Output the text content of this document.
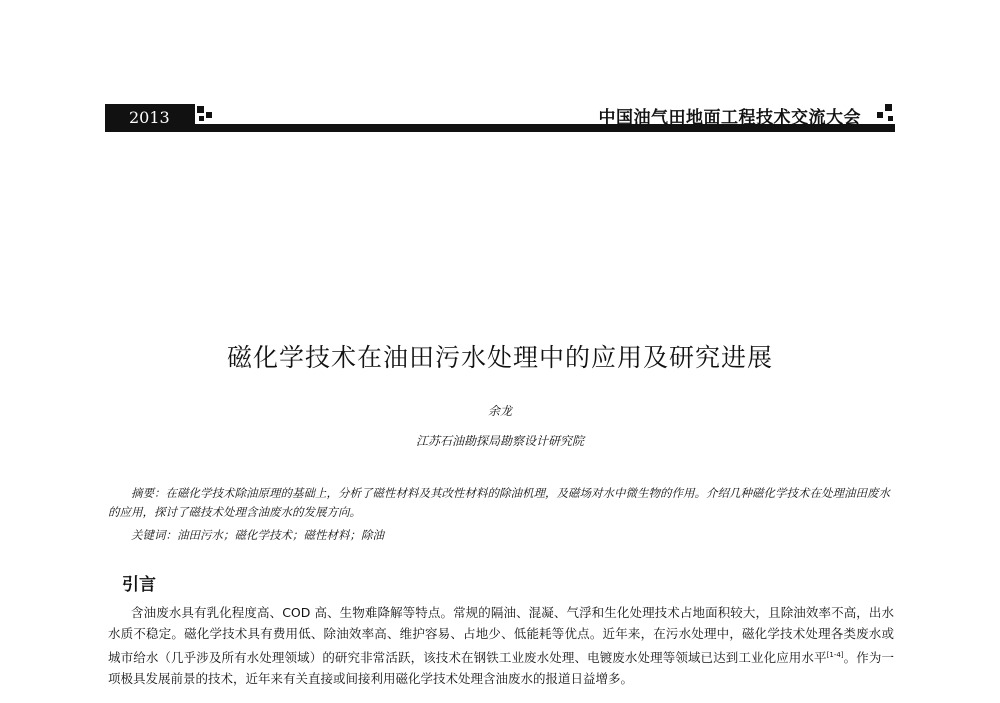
2013	中国油气田地面工程技术交流大会
磁化学技术在油田污水处理中的应用及研究进展
余龙
江苏石油勘探局勘察设计研究院

摘要：在磁化学技术除油原理的基础上，分析了磁性材料及其改性材料的除油机理，及磁场对水中微生物的作用。介绍几种磁化学技术在处理油田废水的应用，探讨了磁技术处理含油废水的发展方向。

关键词：油田污水；磁化学技术；磁性材料；除油
引言

含油废水具有乳化程度高、COD 高、生物难降解等特点。常规的隔油、混凝、气浮和生化处理技术占地面积较大，且除油效率不高，出水水质不稳定。磁化学技术具有费用低、除油效率高、维护容易、占地少、低能耗等优点。近年来，在污水处理中，磁化学技术处理各类废水或城市给水（几乎涉及所有水处理领域）的研究非常活跃，该技术在钢铁工业废水处理、电镀废水处理等领域已达到工业化应用水平[1-4]。作为一项极具发展前景的技术，近年来有关直接或间接利用磁化学技术处理含油废水的报道日益增多。
